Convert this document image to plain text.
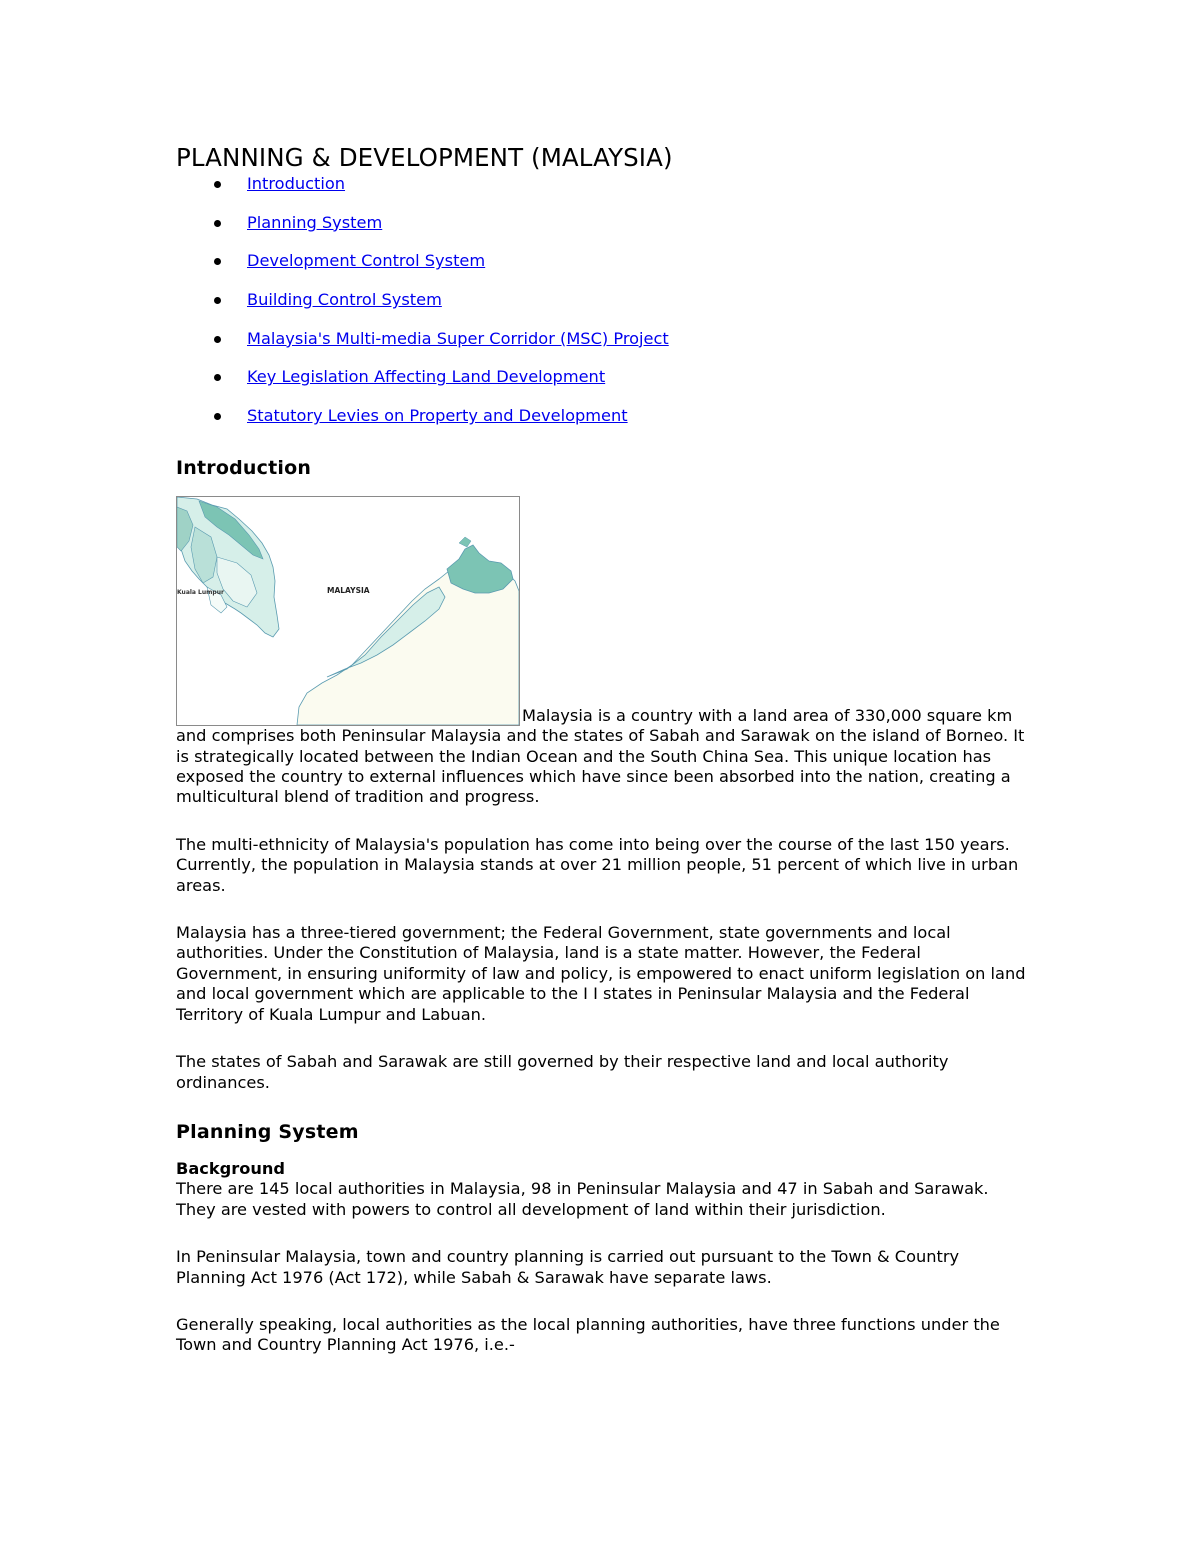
PLANNING & DEVELOPMENT (MALAYSIA)
Introduction
Planning System
Development Control System
Building Control System
Malaysia's Multi-media Super Corridor (MSC) Project
Key Legislation Affecting Land Development
Statutory Levies on Property and Development
Introduction
MALAYSIA
Kuala Lumpur

Malaysia is a country with a land area of 330,000 square km and comprises both Peninsular Malaysia and the states of Sabah and Sarawak on the island of Borneo. It is strategically located between the Indian Ocean and the South China Sea. This unique location has exposed the country to external influences which have since been absorbed into the nation, creating a multicultural blend of tradition and progress.

The multi-ethnicity of Malaysia's population has come into being over the course of the last 150 years. Currently, the population in Malaysia stands at over 21 million people, 51 percent of which live in urban areas.

Malaysia has a three-tiered government; the Federal Government, state governments and local authorities. Under the Constitution of Malaysia, land is a state matter. However, the Federal Government, in ensuring uniformity of law and policy, is empowered to enact uniform legislation on land and local government which are applicable to the I I states in Peninsular Malaysia and the Federal Territory of Kuala Lumpur and Labuan.

The states of Sabah and Sarawak are still governed by their respective land and local authority ordinances.

Planning System

Background

There are 145 local authorities in Malaysia, 98 in Peninsular Malaysia and 47 in Sabah and Sarawak. They are vested with powers to control all development of land within their jurisdiction.

In Peninsular Malaysia, town and country planning is carried out pursuant to the Town & Country Planning Act 1976 (Act 172), while Sabah & Sarawak have separate laws.

Generally speaking, local authorities as the local planning authorities, have three functions under the Town and Country Planning Act 1976, i.e.-
